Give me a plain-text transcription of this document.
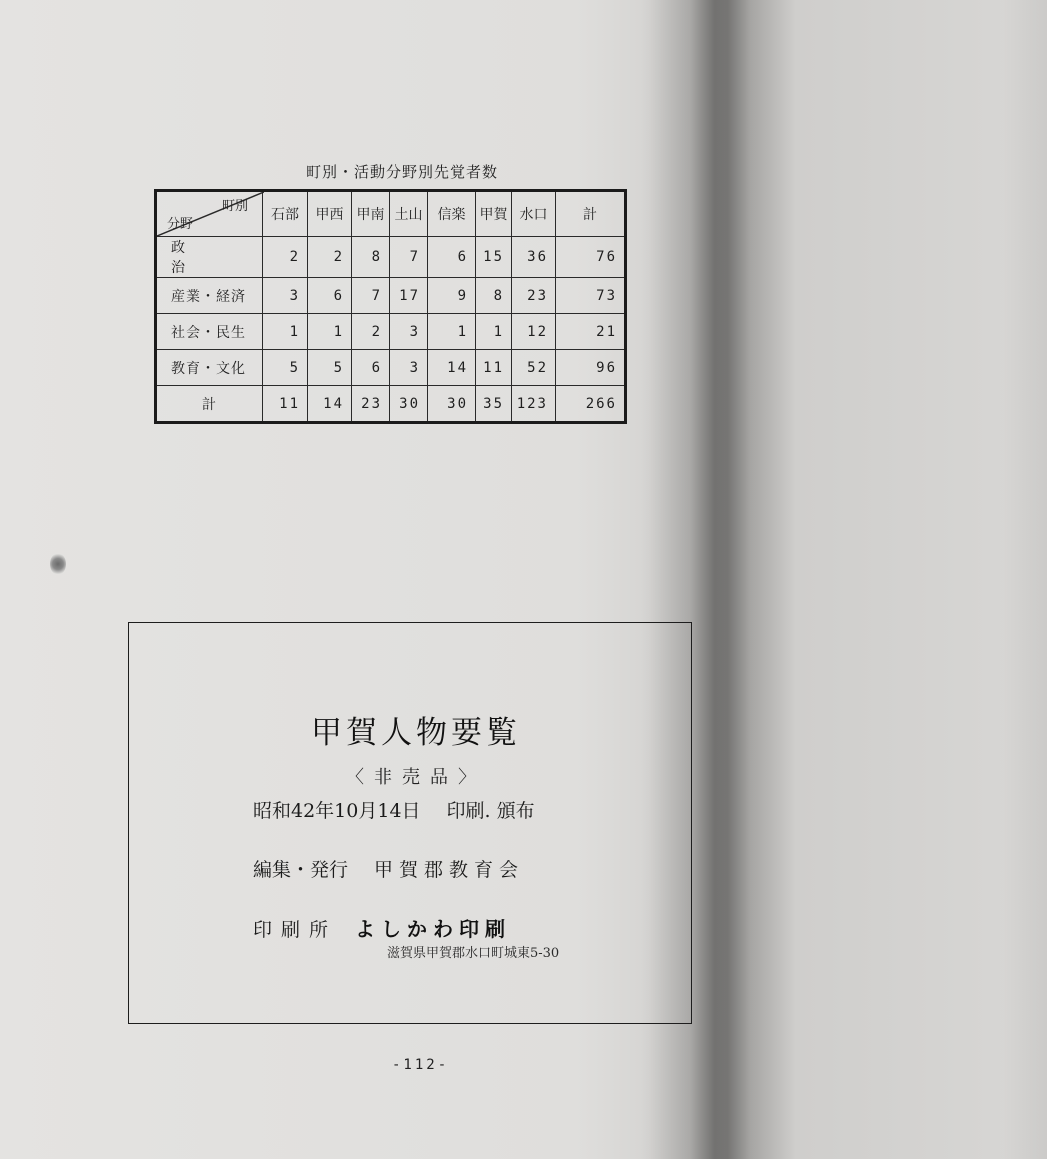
町別・活動分野別先覚者数
町別
分野	石部	甲西	甲南	土山	信楽	甲賀	水口	計
政　治	2	2	8	7	6	15	36	76
産業・経済	3	6	7	17	9	8	23	73
社会・民生	1	1	2	3	1	1	12	21
教育・文化	5	5	6	3	14	11	52	96
計	11	14	23	30	30	35	123	266
甲賀人物要覧
〈非売品〉
昭和42年10月14日 印刷. 頒布
編集・発行 甲賀郡教育会
印刷所 よしかわ印刷
滋賀県甲賀郡水口町城東5-30
-112-
